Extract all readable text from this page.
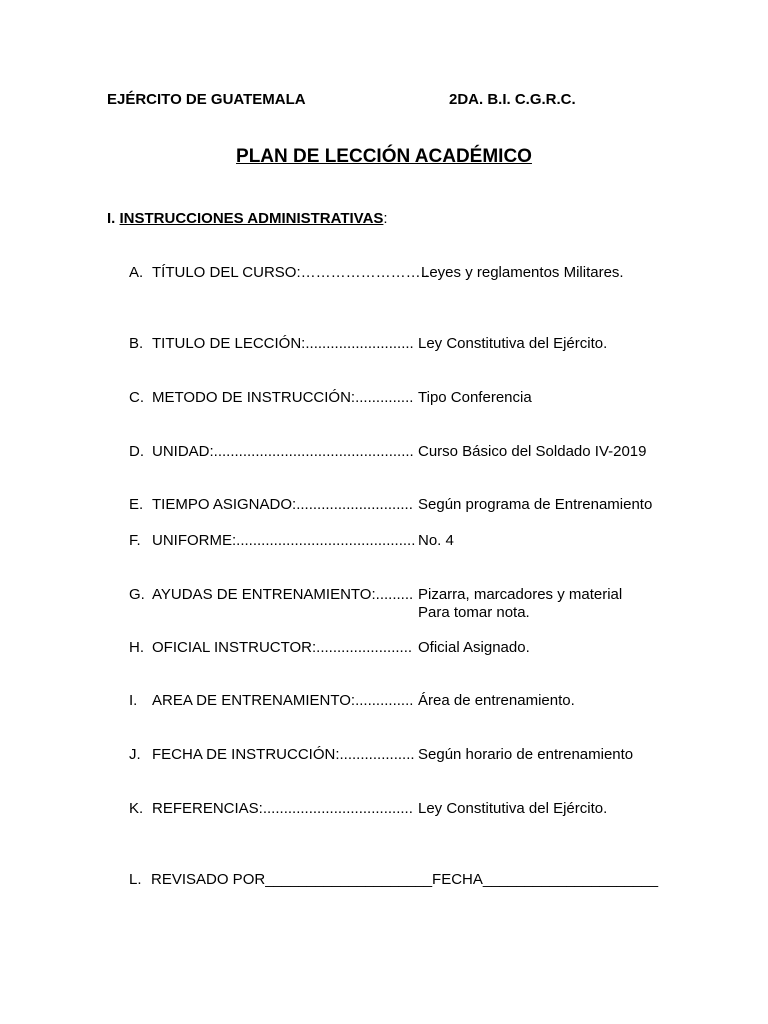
EJÉRCITO DE GUATEMALA	2DA. B.I. C.G.R.C.
PLAN DE LECCIÓN ACADÉMICO
I. INSTRUCCIONES ADMINISTRATIVAS:
A. TÍTULO DEL CURSO:……………………..
Leyes y reglamentos Militares.
B. TITULO DE LECCIÓN:.......................... Ley Constitutiva del Ejército.
C. METODO DE INSTRUCCIÓN:.............. Tipo Conferencia
D. UNIDAD:................................................ Curso Básico del Soldado IV-2019
E. TIEMPO ASIGNADO:............................ Según programa de Entrenamiento
F. UNIFORME:........................................... No. 4
G. AYUDAS DE ENTRENAMIENTO:......... Pizarra, marcadores y material
Para tomar nota.
H. OFICIAL INSTRUCTOR:....................... Oficial Asignado.
I. AREA DE ENTRENAMIENTO:.............. Área de entrenamiento.
J. FECHA DE INSTRUCCIÓN:.................. Según horario de entrenamiento
K. REFERENCIAS:.................................... Ley Constitutiva del Ejército.
L. REVISADO POR____________________FECHA_____________________
